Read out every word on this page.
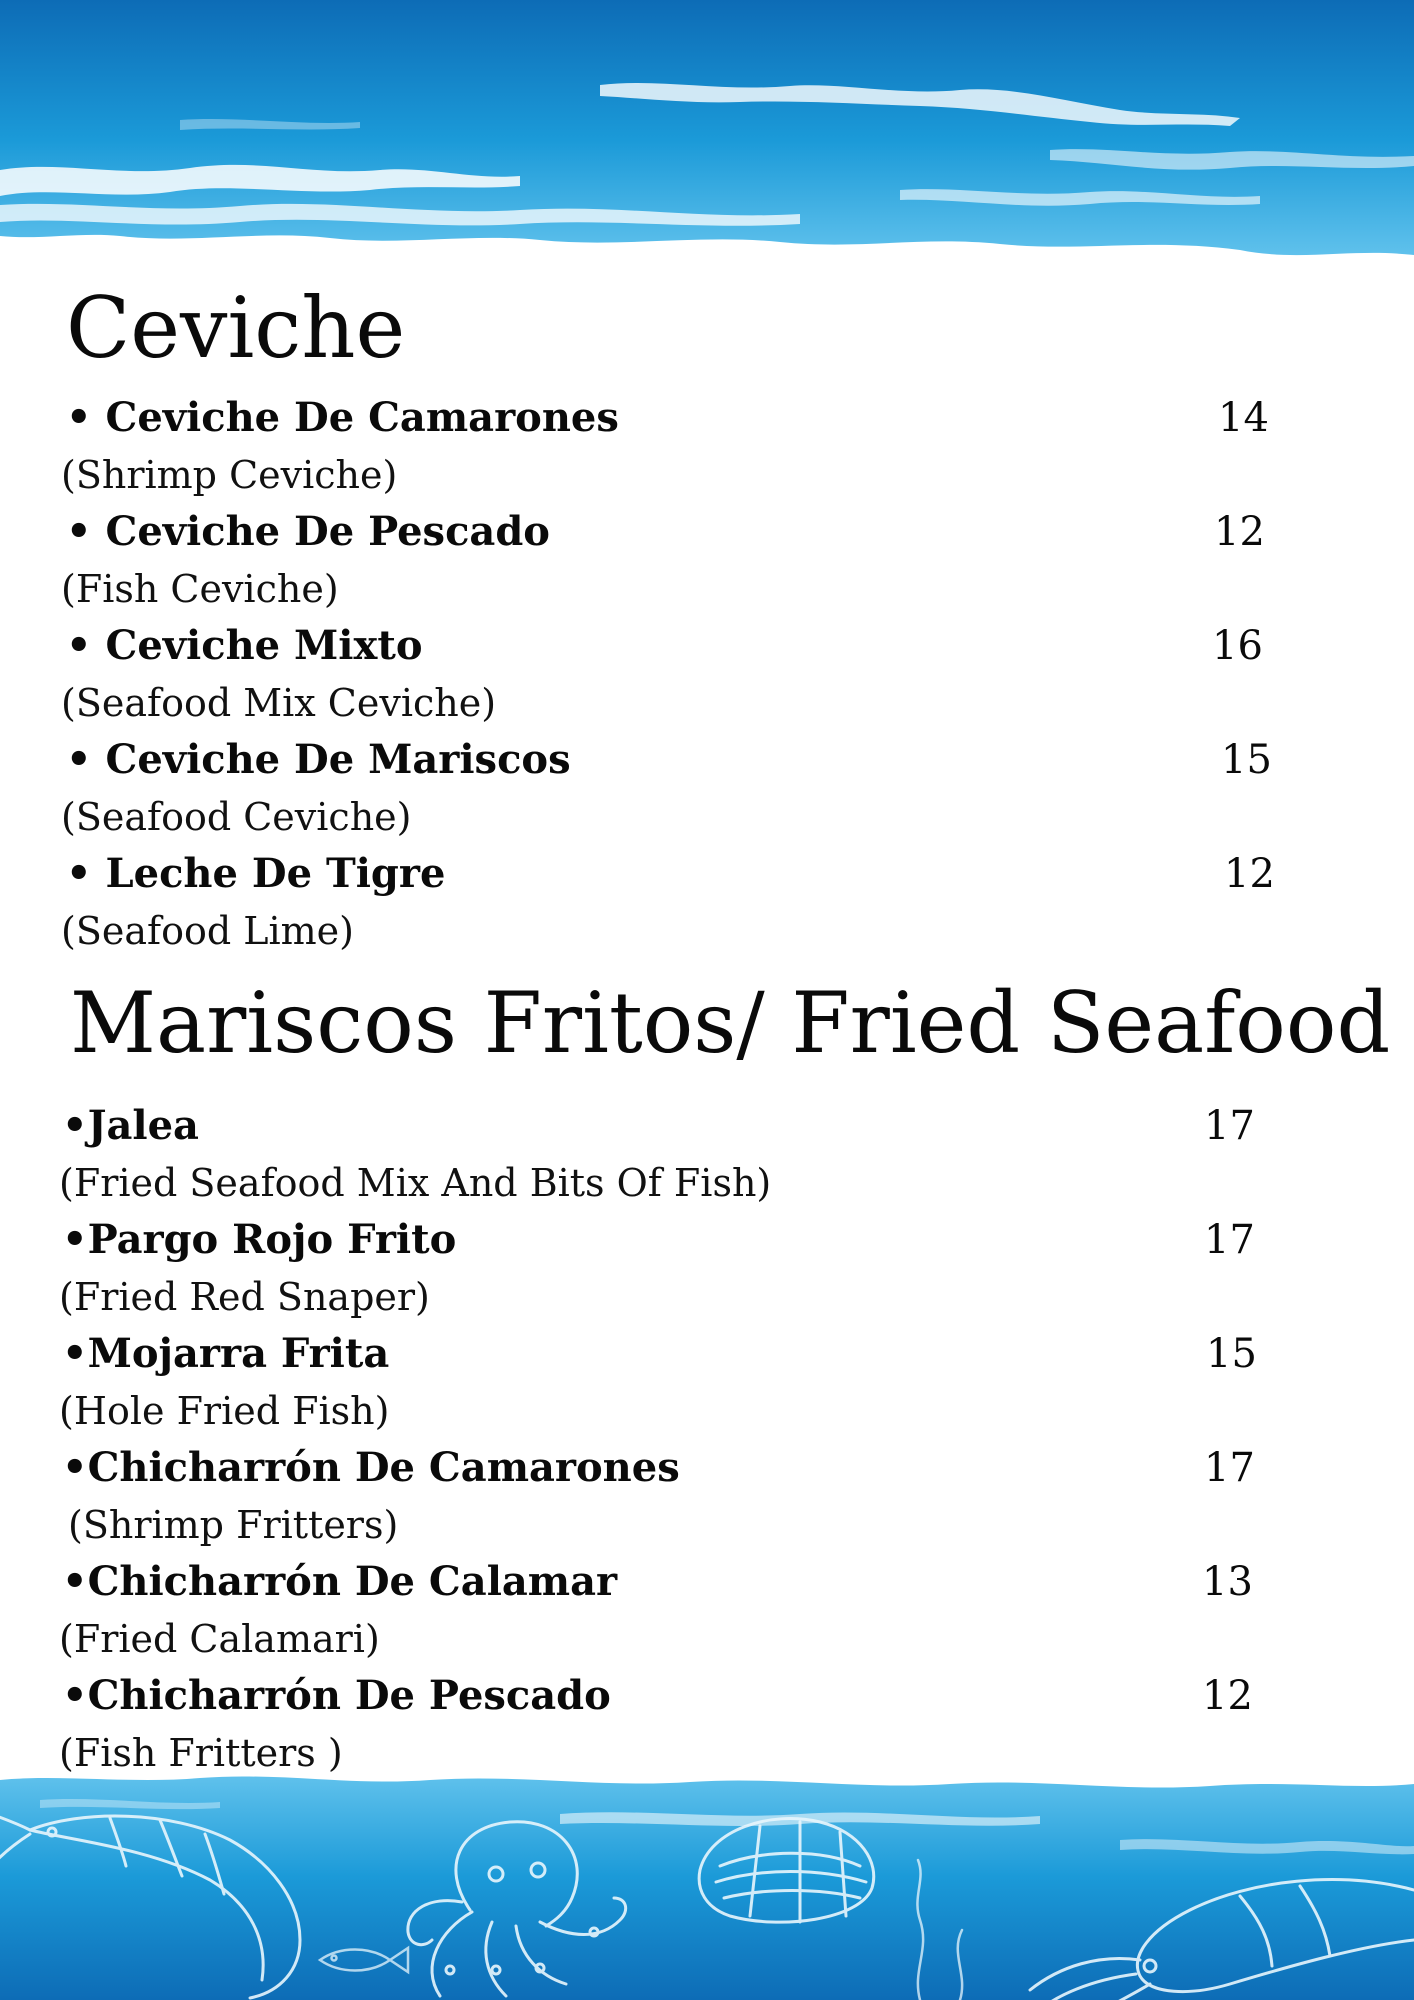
Ceviche
• Ceviche De Camarones	14
(Shrimp Ceviche)
• Ceviche De Pescado	12
(Fish Ceviche)
• Ceviche Mixto	16
(Seafood Mix Ceviche)
• Ceviche De Mariscos	15
(Seafood Ceviche)
• Leche De Tigre	12
(Seafood Lime)
Mariscos Fritos/ Fried Seafood
•Jalea	17
(Fried Seafood Mix And Bits Of Fish)
•Pargo Rojo Frito	17
(Fried Red Snaper)
•Mojarra Frita	15
(Hole Fried Fish)
•Chicharrón De Camarones	17
(Shrimp Fritters)
•Chicharrón De Calamar	13
(Fried Calamari)
•Chicharrón De Pescado	12
(Fish Fritters )
